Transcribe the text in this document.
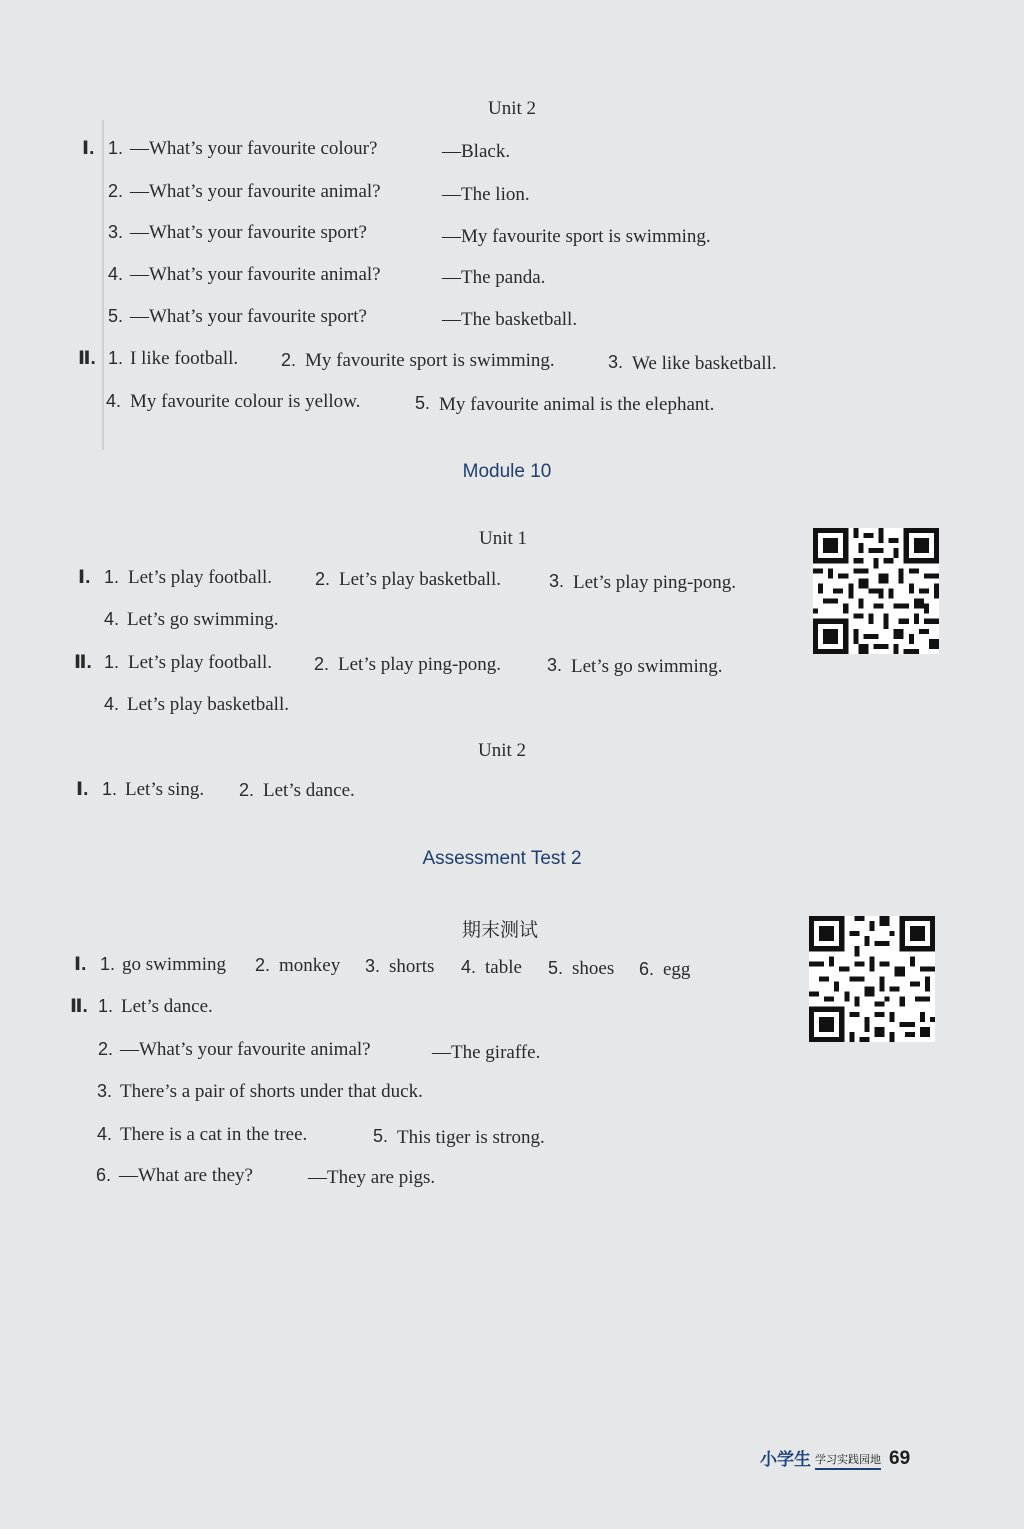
Unit 2
Ⅰ. 1. —What’s your favourite colour?	—Black.
2. —What’s your favourite animal?	—The lion.
3. —What’s your favourite sport?	—My favourite sport is swimming.
4. —What’s your favourite animal?	—The panda.
5. —What’s your favourite sport?	—The basketball.
Ⅱ. 1. I like football. 2. My favourite sport is swimming.	3. We like basketball.
4. My favourite colour is yellow.	5. My favourite animal is the elephant.
Module 10
Unit 1
Ⅰ. 1. Let’s play football. 2. Let’s play basketball.	3. Let’s play ping-pong.
4. Let’s go swimming.
Ⅱ. 1. Let’s play football. 2. Let’s play ping-pong.	3. Let’s go swimming.
4. Let’s play basketball.
Unit 2
Ⅰ. 1. Let’s sing. 2. Let’s dance.
Assessment Test 2
期末测试
Ⅰ. 1. go swimming 2. monkey 3. shorts 4. table 5. shoes 6. egg
Ⅱ. 1. Let’s dance.
2. —What’s your favourite animal?	—The giraffe.
3. There’s a pair of shorts under that duck.
4. There is a cat in the tree.	5. This tiger is strong.
6. —What are they?	—They are pigs.
小学生 学习实践园地 69
